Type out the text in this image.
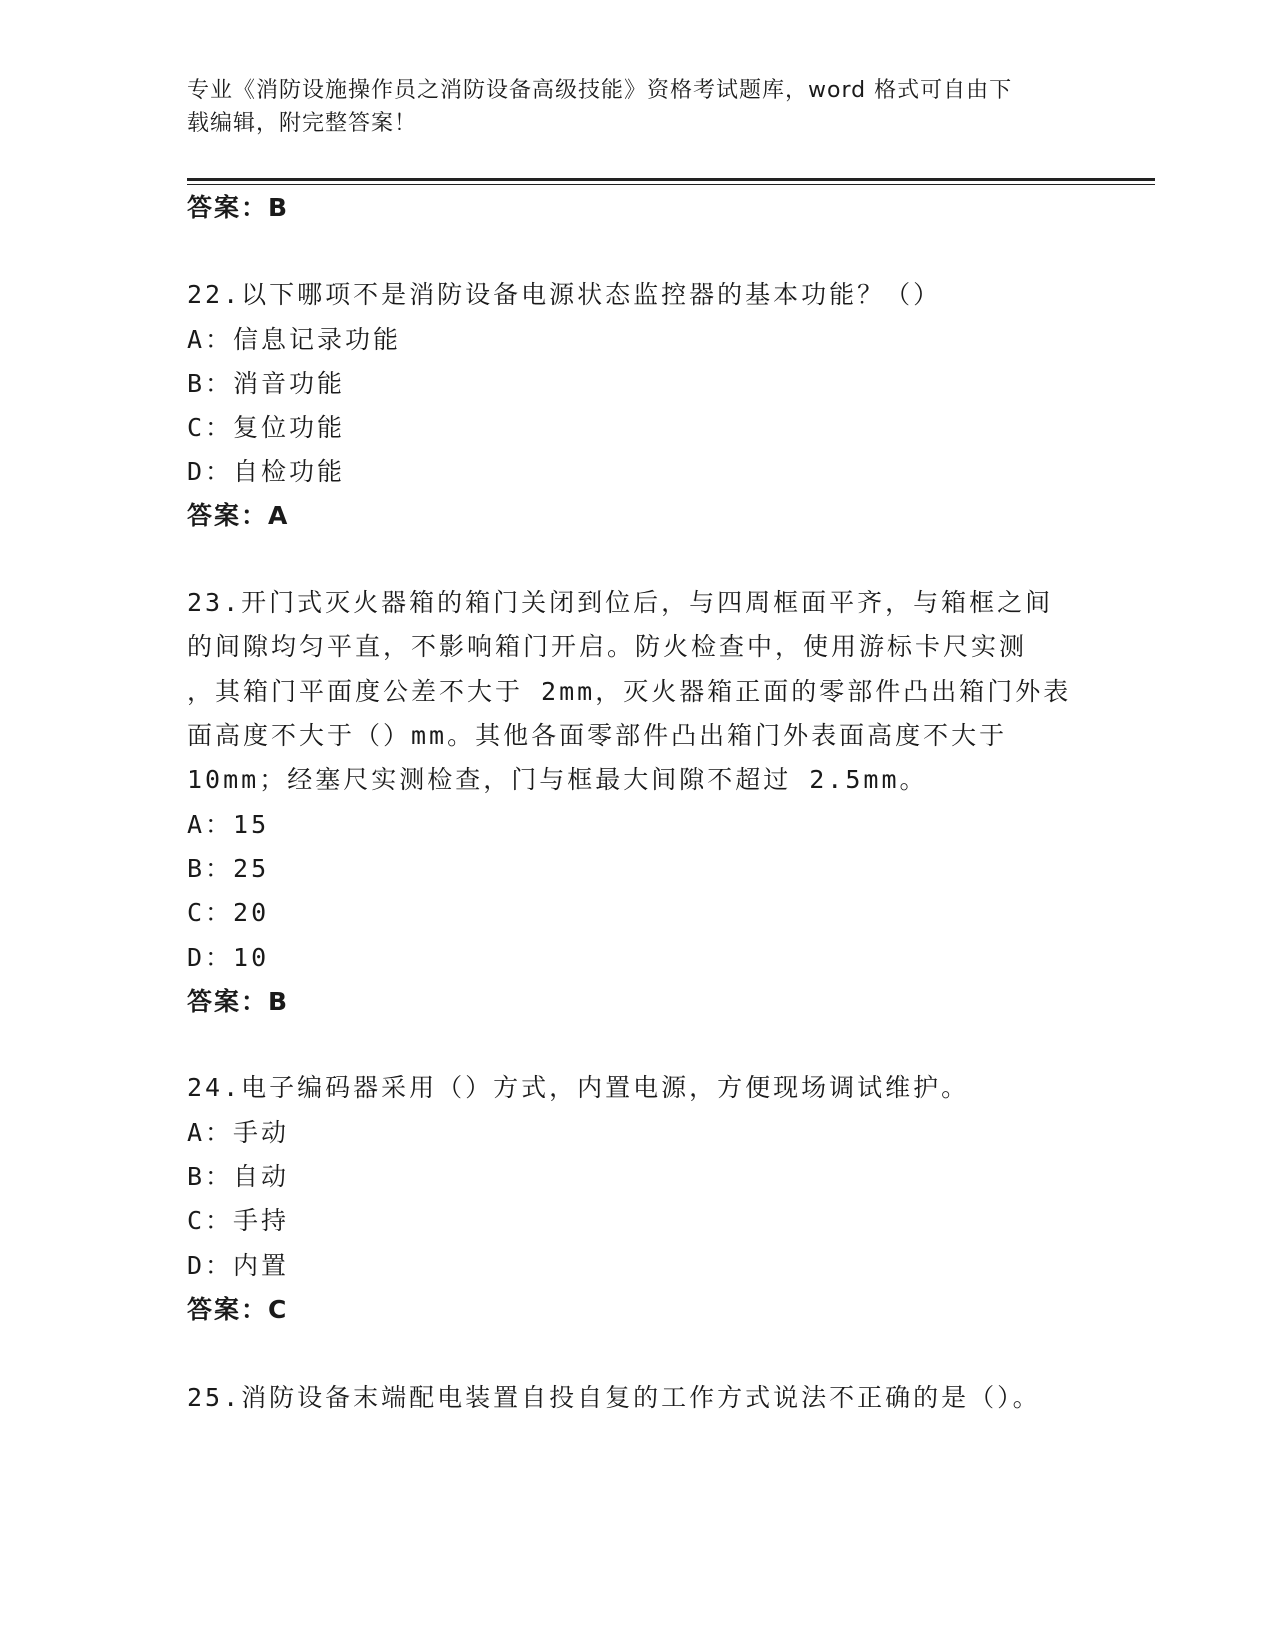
专业《消防设施操作员之消防设备高级技能》资格考试题库，word 格式可自由下
载编辑，附完整答案！
答案：B
22.以下哪项不是消防设备电源状态监控器的基本功能？（）
A：信息记录功能
B：消音功能
C：复位功能
D：自检功能
答案：A
23.开门式灭火器箱的箱门关闭到位后，与四周框面平齐，与箱框之间
的间隙均匀平直，不影响箱门开启。防火检查中，使用游标卡尺实测
，其箱门平面度公差不大于 2mm，灭火器箱正面的零部件凸出箱门外表
面高度不大于（）mm。其他各面零部件凸出箱门外表面高度不大于
10mm；经塞尺实测检查，门与框最大间隙不超过 2.5mm。
A：15
B：25
C：20
D：10
答案：B
24.电子编码器采用（）方式，内置电源，方便现场调试维护。
A：手动
B：自动
C：手持
D：内置
答案：C
25.消防设备末端配电装置自投自复的工作方式说法不正确的是（）。
